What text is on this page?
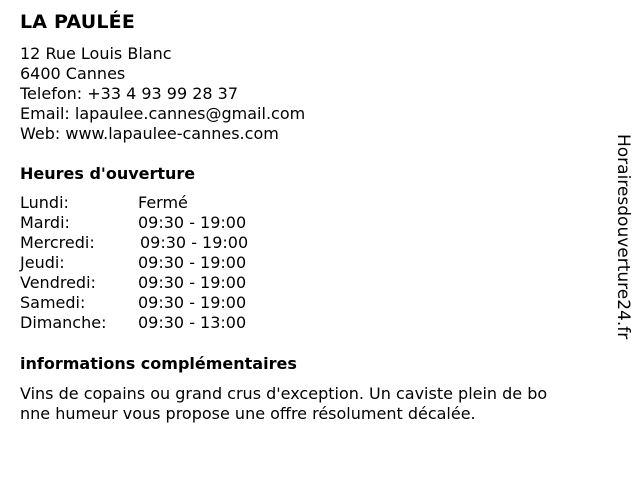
LA PAULÉE
12 Rue Louis Blanc
6400 Cannes
Telefon: +33 4 93 99 28 37
Email: lapaulee.cannes@gmail.com
Web: www.lapaulee-cannes.com
Heures d'ouverture
Lundi:	Fermé
Mardi:	09:30 - 19:00
Mercredi:	09:30 - 19:00
Jeudi:	09:30 - 19:00
Vendredi:	09:30 - 19:00
Samedi:	09:30 - 19:00
Dimanche: 09:30 - 13:00
informations complémentaires
Vins de copains ou grand crus d'exception. Un caviste plein de bo
nne humeur vous propose une offre résolument décalée.
Horairesdouverture24.fr
